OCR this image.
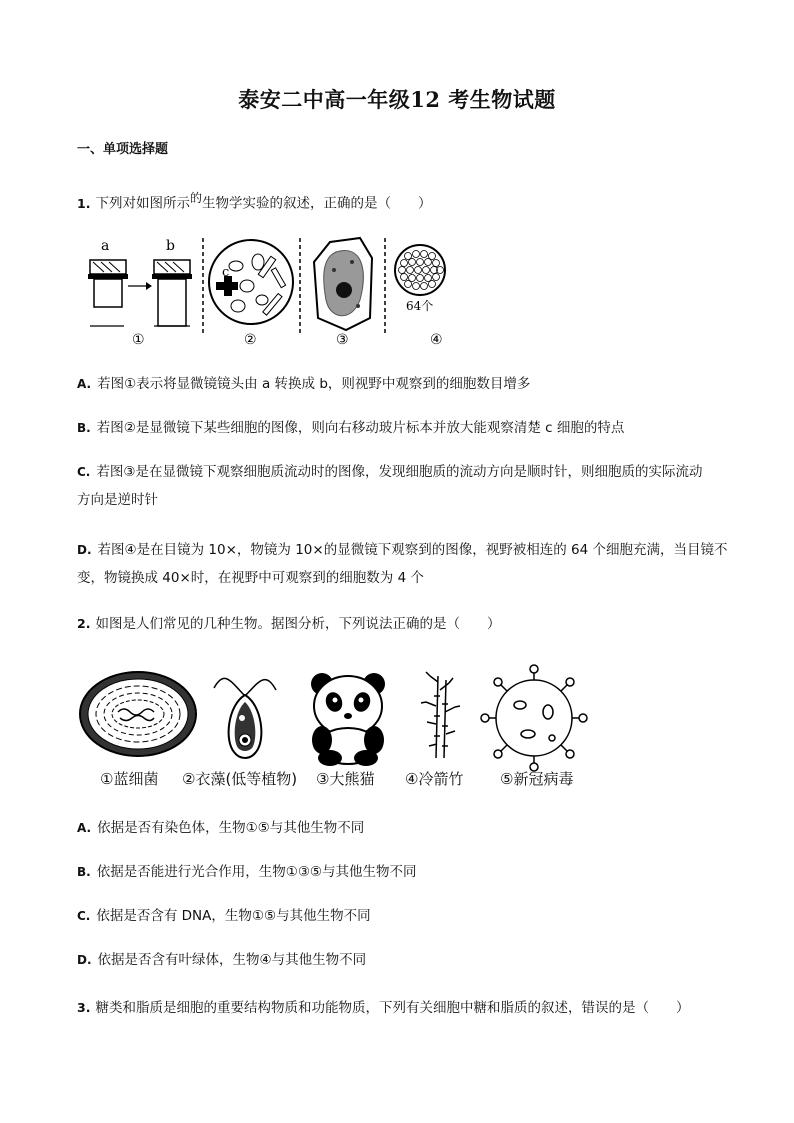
泰安二中高一年级12 考生物试题
一、单项选择题
1. 下列对如图所示$^的$生物学实验的叙述，正确的是（　　）
a	b
c
64个
①	②	③	④
A. 若图①表示将显微镜镜头由 a 转换成 b，则视野中观察到的细胞数目增多
B. 若图②是显微镜下某些细胞的图像，则向右移动玻片标本并放大能观察清楚 c 细胞的特点
C. 若图③是在显微镜下观察细胞质流动时的图像，发现细胞质的流动方向是顺时针，则细胞质的实际流动
方向是逆时针
D. 若图④是在目镜为 10×，物镜为 10×的显微镜下观察到的图像，视野被相连的 64 个细胞充满，当目镜不
变，物镜换成 40×时，在视野中可观察到的细胞数为 4 个
2. 如图是人们常见的几种生物。据图分析，下列说法正确的是（　　）
①蓝细菌 ②衣藻(低等植物) ③大熊猫 ④冷箭竹 ⑤新冠病毒
A. 依据是否有染色体，生物①⑤与其他生物不同
B. 依据是否能进行光合作用，生物①③⑤与其他生物不同
C. 依据是否含有 DNA，生物①⑤与其他生物不同
D. 依据是否含有叶绿体，生物④与其他生物不同
3. 糖类和脂质是细胞的重要结构物质和功能物质，下列有关细胞中糖和脂质的叙述，错误的是（　　）
